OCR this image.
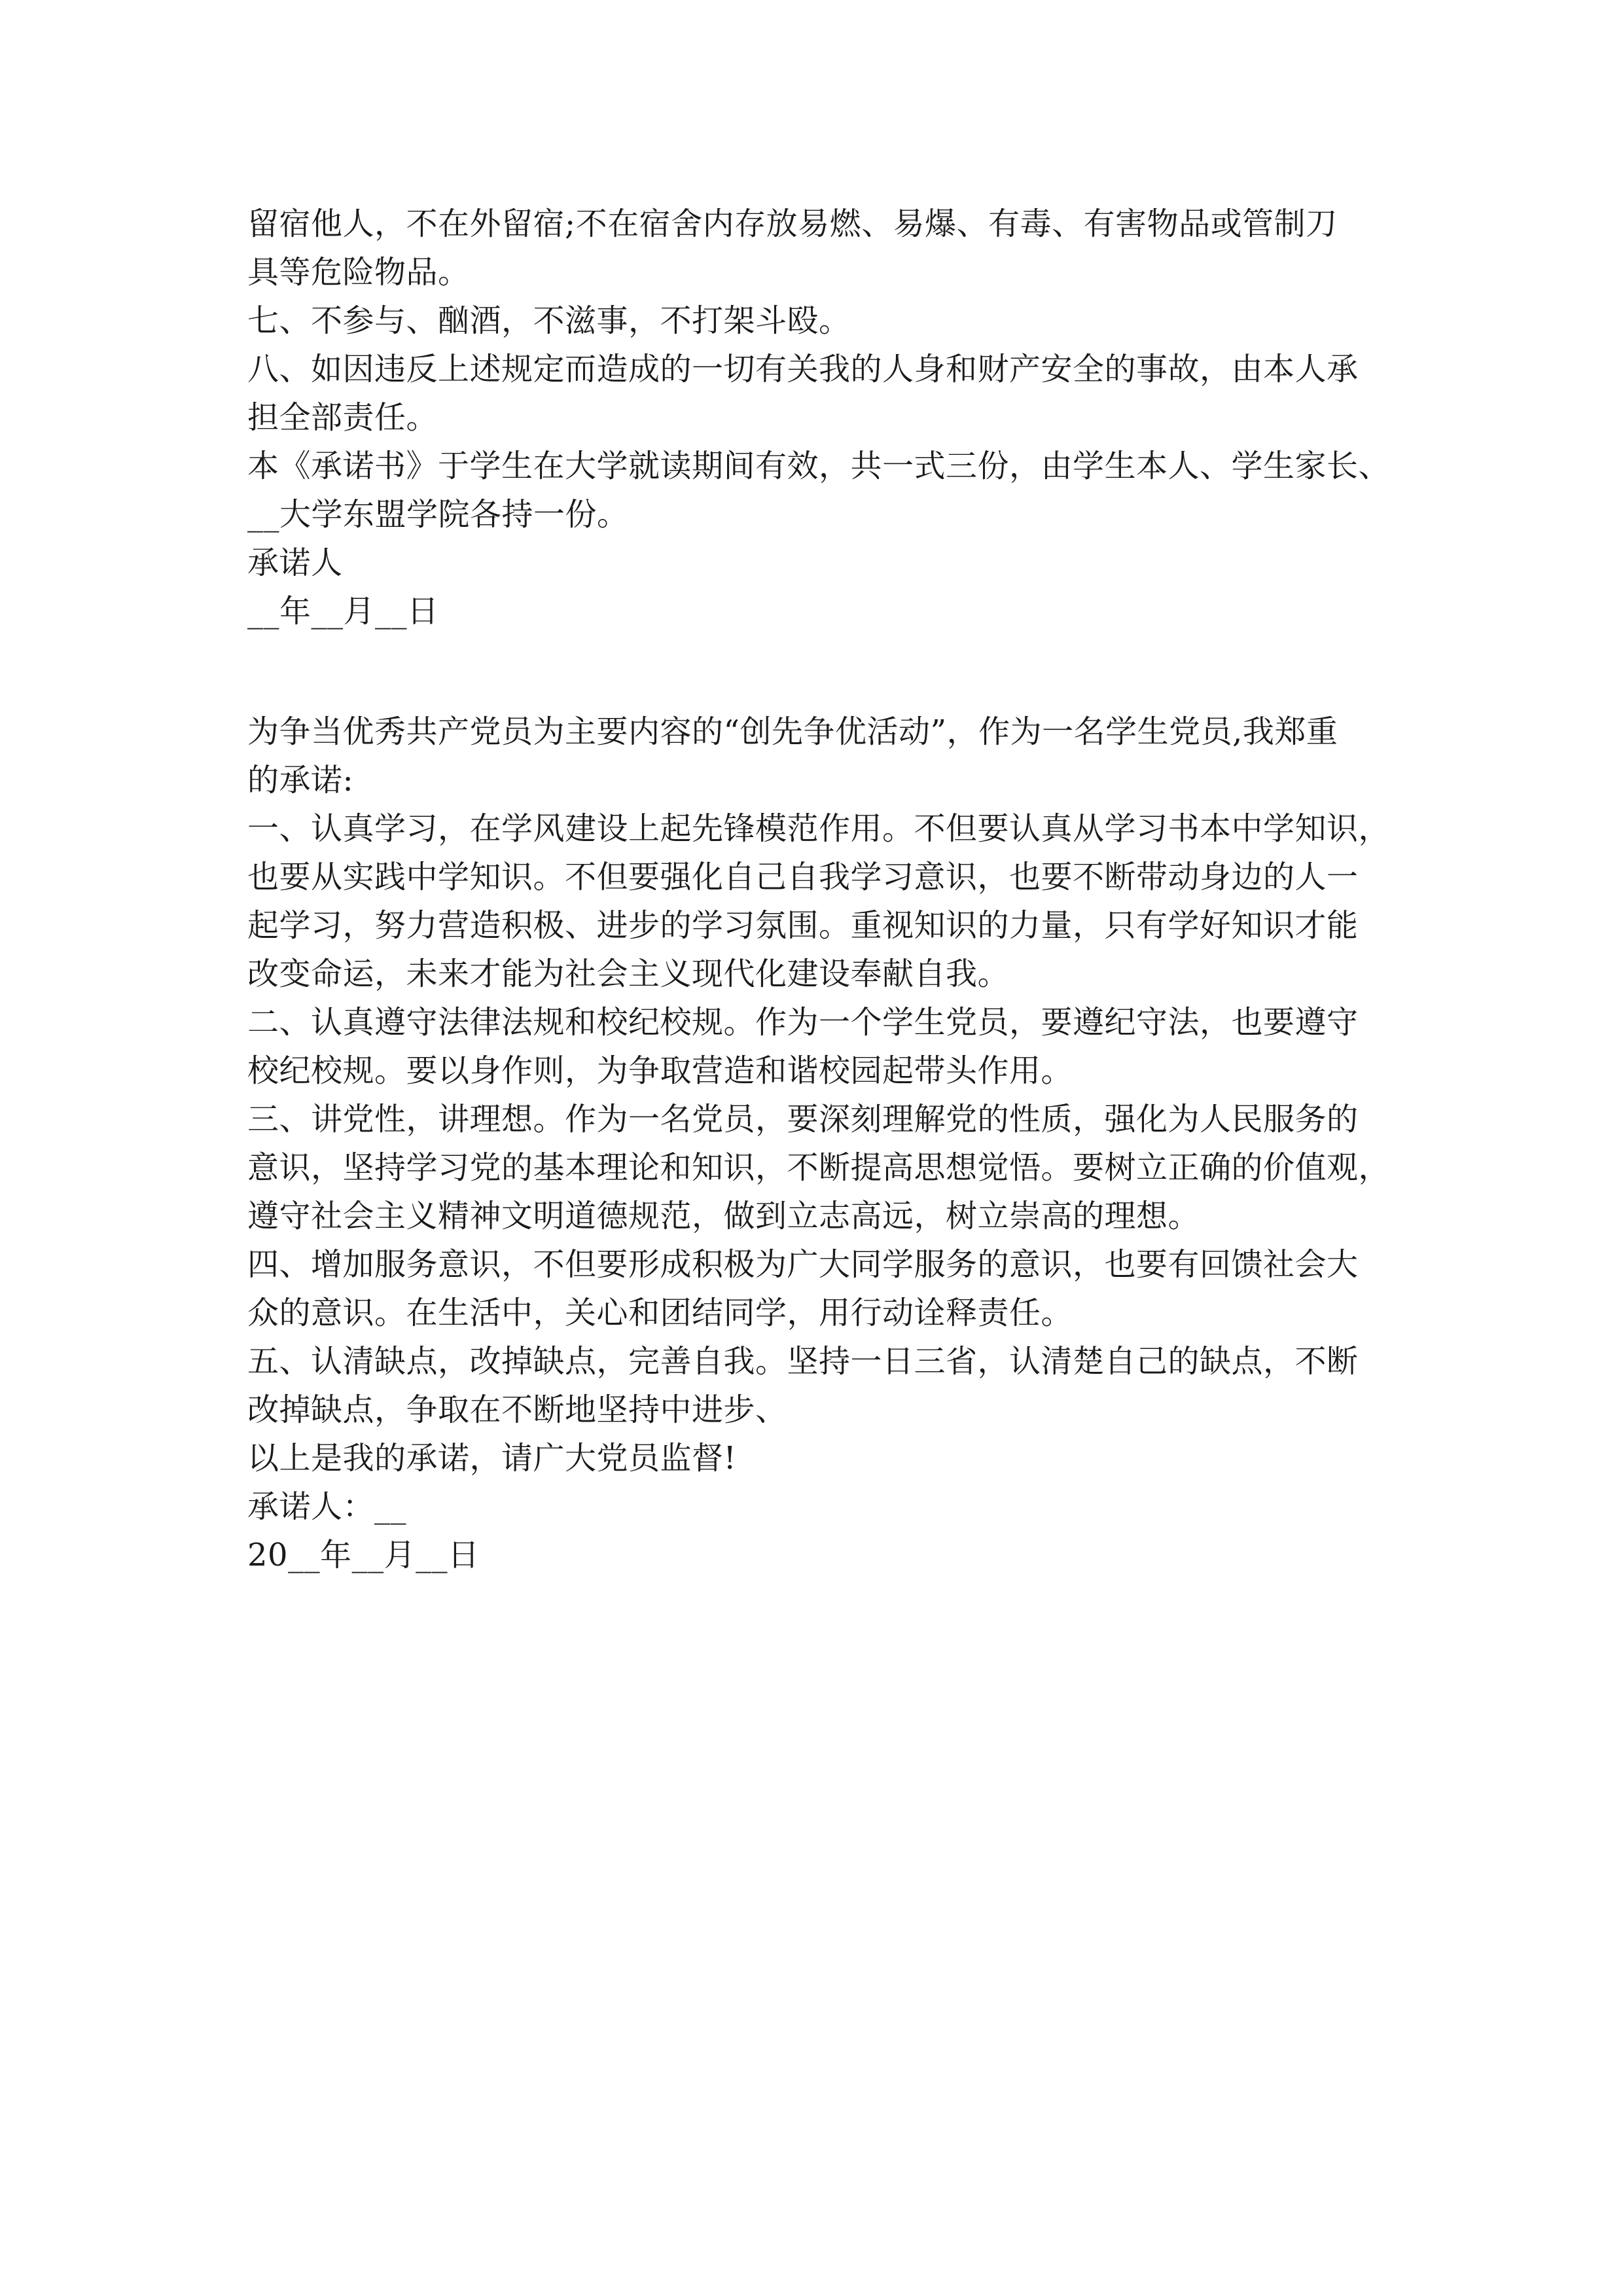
留宿他人，不在外留宿;不在宿舍内存放易燃、易爆、有毒、有害物品或管制刀

具等危险物品。

七、不参与、酗酒，不滋事，不打架斗殴。

八、如因违反上述规定而造成的一切有关我的人身和财产安全的事故，由本人承

担全部责任。

本《承诺书》于学生在大学就读期间有效，共一式三份，由学生本人、学生家长、

__大学东盟学院各持一份。

承诺人

__年__月__日

为争当优秀共产党员为主要内容的“创先争优活动”，作为一名学生党员,我郑重

的承诺:

一、认真学习，在学风建设上起先锋模范作用。不但要认真从学习书本中学知识，

也要从实践中学知识。不但要强化自己自我学习意识，也要不断带动身边的人一

起学习，努力营造积极、进步的学习氛围。重视知识的力量，只有学好知识才能

改变命运，未来才能为社会主义现代化建设奉献自我。

二、认真遵守法律法规和校纪校规。作为一个学生党员，要遵纪守法，也要遵守

校纪校规。要以身作则，为争取营造和谐校园起带头作用。

三、讲党性，讲理想。作为一名党员，要深刻理解党的性质，强化为人民服务的

意识，坚持学习党的基本理论和知识，不断提高思想觉悟。要树立正确的价值观，

遵守社会主义精神文明道德规范，做到立志高远，树立崇高的理想。

四、增加服务意识，不但要形成积极为广大同学服务的意识，也要有回馈社会大

众的意识。在生活中，关心和团结同学，用行动诠释责任。

五、认清缺点，改掉缺点，完善自我。坚持一日三省，认清楚自己的缺点，不断

改掉缺点，争取在不断地坚持中进步、

以上是我的承诺，请广大党员监督!

承诺人：__

20__年__月__日
